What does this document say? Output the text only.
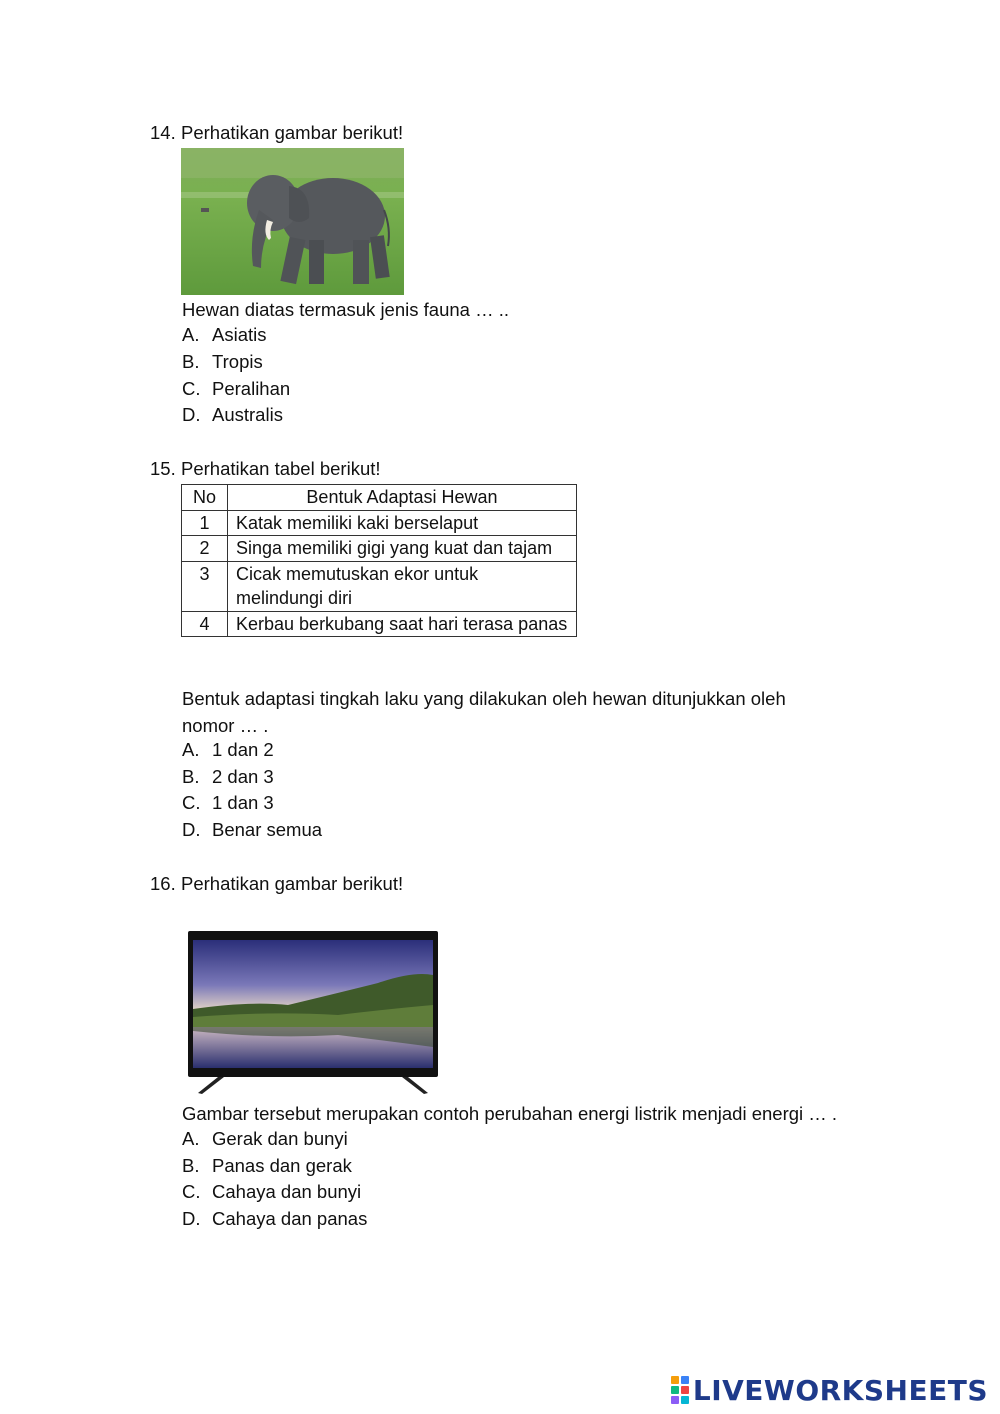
14. Perhatikan gambar berikut!
Hewan diatas termasuk jenis fauna … ..
A. Asiatis
B. Tropis
C. Peralihan
D. Australis
15. Perhatikan tabel berikut!
No	Bentuk Adaptasi Hewan
1	Katak memiliki kaki berselaput
2	Singa memiliki gigi yang kuat dan tajam
3	Cicak memutuskan ekor untuk melindungi diri
4	Kerbau berkubang saat hari terasa panas
Bentuk adaptasi tingkah laku yang dilakukan oleh hewan ditunjukkan oleh
nomor … .
A. 1 dan 2
B. 2 dan 3
C. 1 dan 3
D. Benar semua
16. Perhatikan gambar berikut!
Gambar tersebut merupakan contoh perubahan energi listrik menjadi energi … .
A. Gerak dan bunyi
B. Panas dan gerak
C. Cahaya dan bunyi
D. Cahaya dan panas
LIVEWORKSHEETS
